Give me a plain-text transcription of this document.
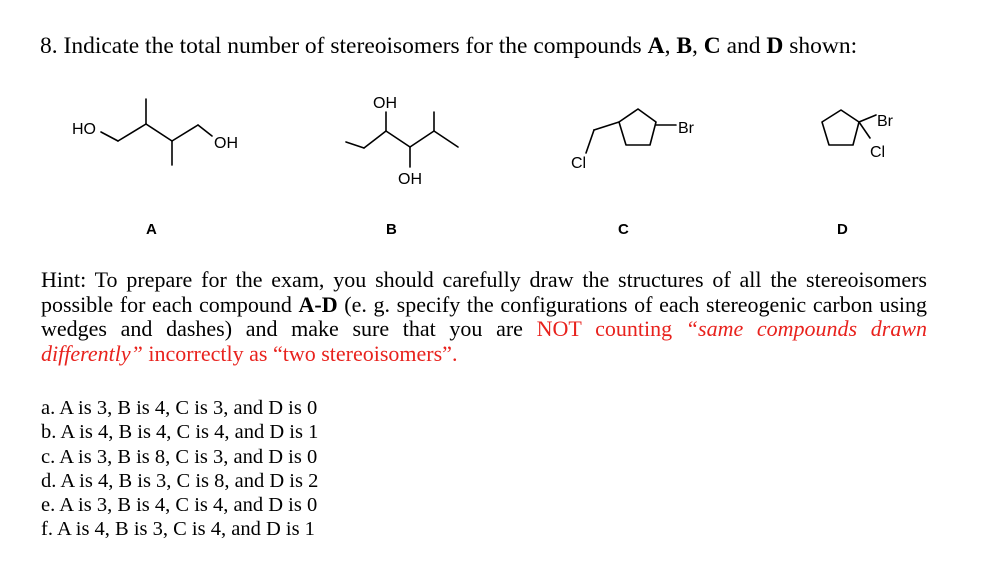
8. Indicate the total number of stereoisomers for the compounds A, B, C and D shown:
HO
OH
OH
OH
Br
Cl
Br
Cl
A	B	C	D
Hint: To prepare for the exam, you should carefully draw the structures of all the stereoisomers possible for each compound A-D (e. g. specify the configurations of each stereogenic carbon using wedges and dashes) and make sure that you are NOT counting “same compounds drawn differently” incorrectly as “two stereoisomers”.
a. A is 3, B is 4, C is 3, and D is 0
b. A is 4, B is 4, C is 4, and D is 1
c. A is 3, B is 8, C is 3, and D is 0
d. A is 4, B is 3, C is 8, and D is 2
e. A is 3, B is 4, C is 4, and D is 0
f. A is 4, B is 3, C is 4, and D is 1
